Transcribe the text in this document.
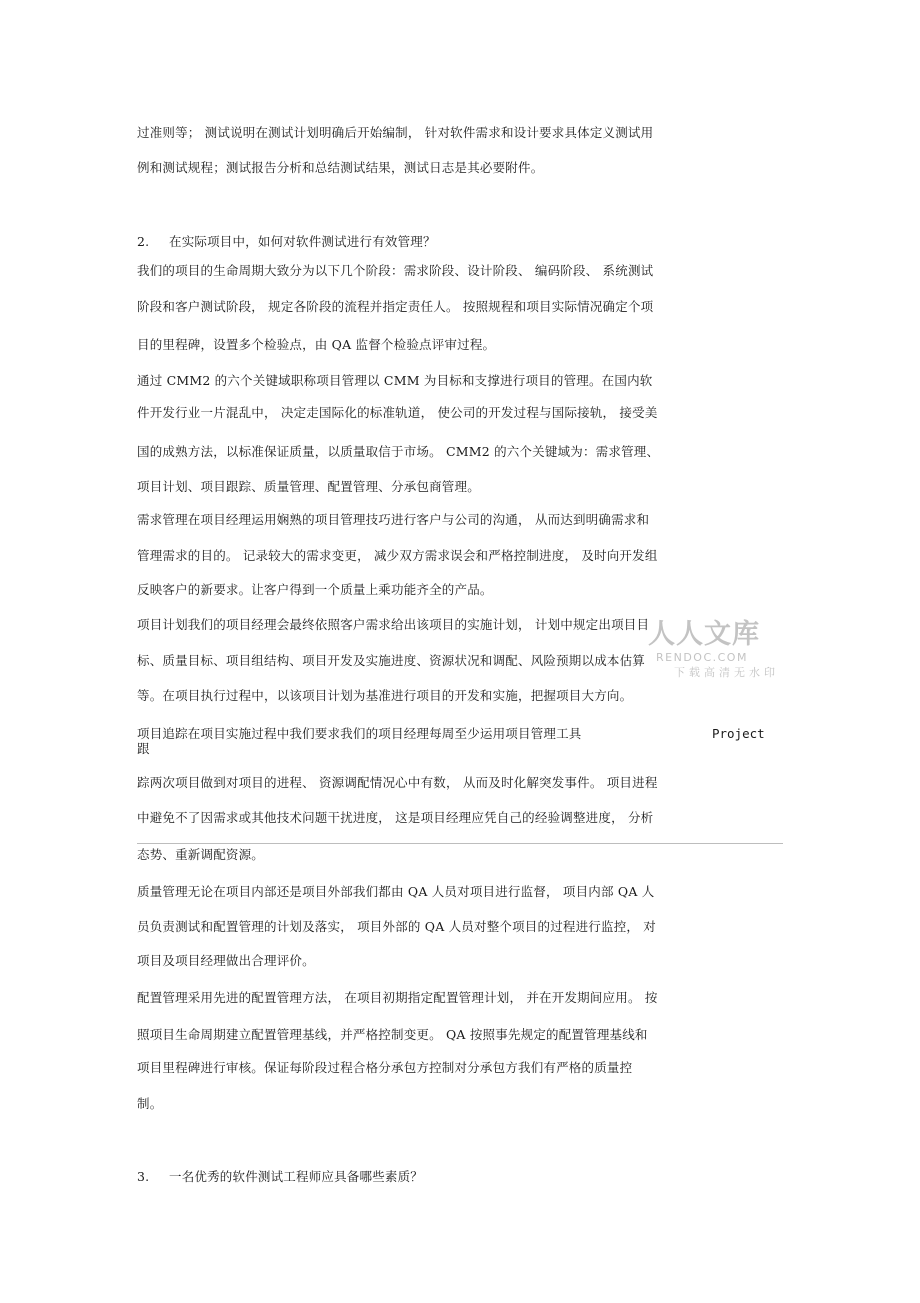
过准则等； 测试说明在测试计划明确后开始编制， 针对软件需求和设计要求具体定义测试用
例和测试规程；测试报告分析和总结测试结果，测试日志是其必要附件。
2. 在实际项目中，如何对软件测试进行有效管理？
我们的项目的生命周期大致分为以下几个阶段：需求阶段、设计阶段、 编码阶段、 系统测试
阶段和客户测试阶段， 规定各阶段的流程并指定责任人。 按照规程和项目实际情况确定个项
目的里程碑，设置多个检验点，由 QA 监督个检验点评审过程。
通过 CMM2 的六个关键域职称项目管理以 CMM 为目标和支撑进行项目的管理。在国内软
件开发行业一片混乱中， 决定走国际化的标准轨道， 使公司的开发过程与国际接轨， 接受美
国的成熟方法，以标准保证质量，以质量取信于市场。 CMM2 的六个关键域为：需求管理、
项目计划、项目跟踪、质量管理、配置管理、分承包商管理。
需求管理在项目经理运用娴熟的项目管理技巧进行客户与公司的沟通， 从而达到明确需求和
管理需求的目的。 记录较大的需求变更， 减少双方需求误会和严格控制进度， 及时向开发组
反映客户的新要求。让客户得到一个质量上乘功能齐全的产品。
项目计划我们的项目经理会最终依照客户需求给出该项目的实施计划， 计划中规定出项目目
标、质量目标、项目组结构、项目开发及实施进度、资源状况和调配、风险预期以成本估算
等。在项目执行过程中，以该项目计划为基准进行项目的开发和实施，把握项目大方向。
项目追踪在项目实施过程中我们要求我们的项目经理每周至少运用项目管理工具	Project
跟
踪两次项目做到对项目的进程、 资源调配情况心中有数， 从而及时化解突发事件。 项目进程
中避免不了因需求或其他技术问题干扰进度， 这是项目经理应凭自己的经验调整进度， 分析
态势、重新调配资源。
质量管理无论在项目内部还是项目外部我们都由 QA 人员对项目进行监督， 项目内部 QA 人
员负责测试和配置管理的计划及落实， 项目外部的 QA 人员对整个项目的过程进行监控， 对
项目及项目经理做出合理评价。
配置管理采用先进的配置管理方法， 在项目初期指定配置管理计划， 并在开发期间应用。 按
照项目生命周期建立配置管理基线，并严格控制变更。 QA 按照事先规定的配置管理基线和
项目里程碑进行审核。保证每阶段过程合格分承包方控制对分承包方我们有严格的质量控
制。
3. 一名优秀的软件测试工程师应具备哪些素质？
人人文库
RENDOC.COM
下载高清无水印
